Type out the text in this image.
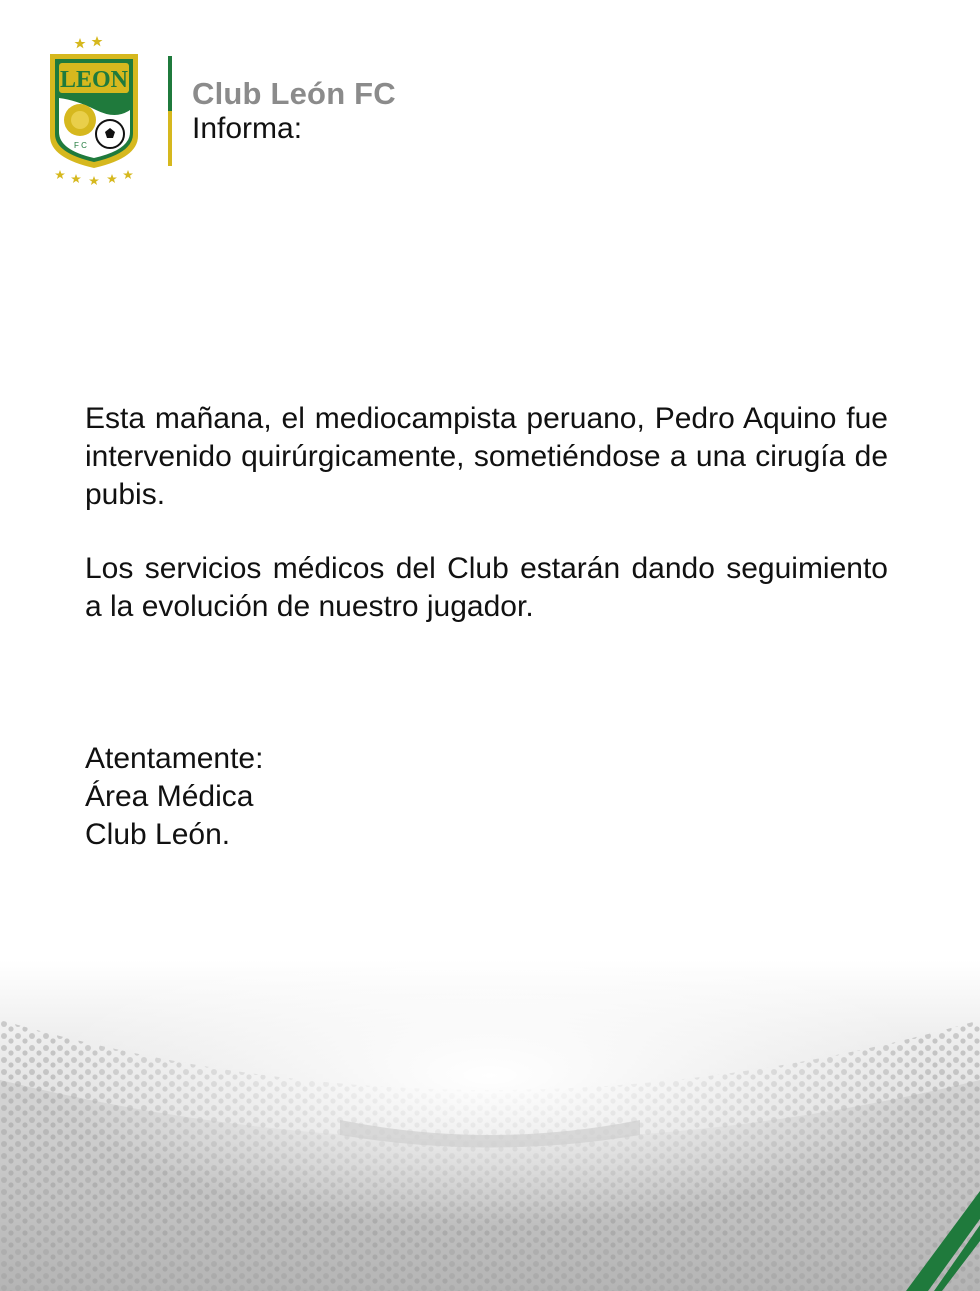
LEON
F C
Club León FC
Informa:

Esta mañana, el mediocampista peruano, Pedro Aquino fue intervenido quirúrgicamente, sometiéndose a una cirugía de pubis.

Los servicios médicos del Club estarán dando seguimiento a la evolución de nuestro jugador.

Atentamente:
Área Médica
Club León.
